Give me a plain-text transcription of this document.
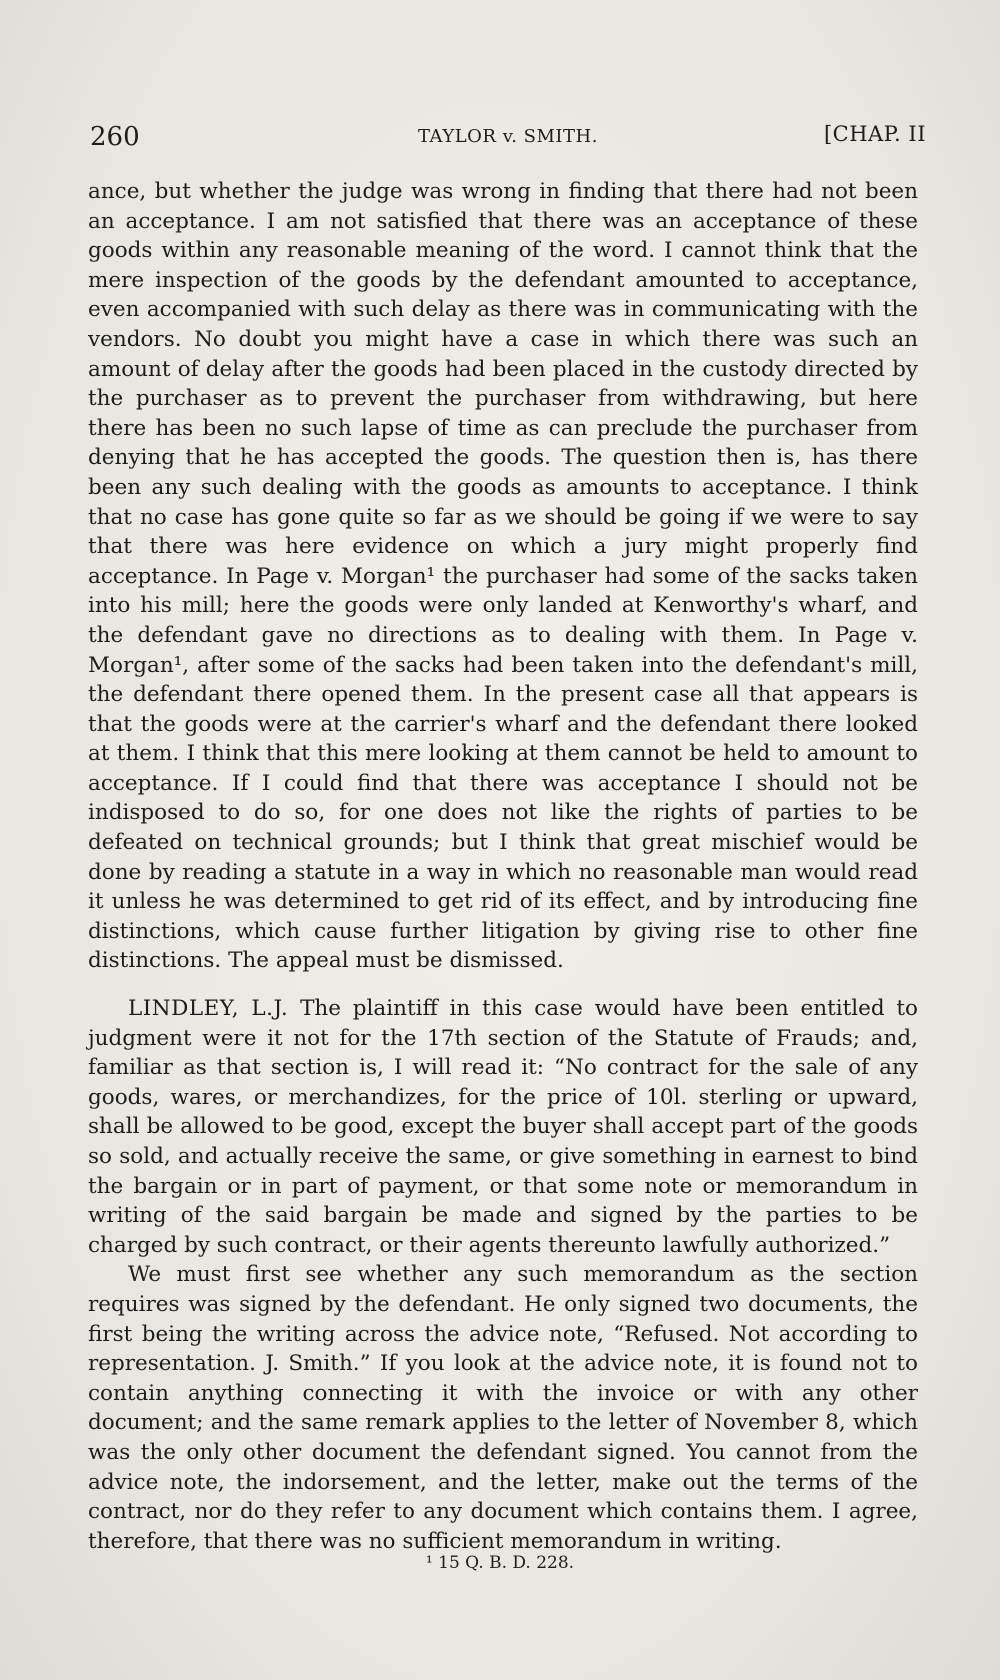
260	TAYLOR v. SMITH.	[CHAP. II

ance, but whether the judge was wrong in finding that there had not been an acceptance. I am not satisfied that there was an acceptance of these goods within any reasonable meaning of the word. I cannot think that the mere inspection of the goods by the defendant amounted to acceptance, even accompanied with such delay as there was in communicating with the vendors. No doubt you might have a case in which there was such an amount of delay after the goods had been placed in the custody directed by the purchaser as to prevent the purchaser from withdrawing, but here there has been no such lapse of time as can preclude the purchaser from denying that he has accepted the goods. The question then is, has there been any such dealing with the goods as amounts to acceptance. I think that no case has gone quite so far as we should be going if we were to say that there was here evidence on which a jury might properly find acceptance. In Page v. Morgan¹ the purchaser had some of the sacks taken into his mill; here the goods were only landed at Kenworthy's wharf, and the defendant gave no directions as to dealing with them. In Page v. Morgan¹, after some of the sacks had been taken into the defendant's mill, the defendant there opened them. In the present case all that appears is that the goods were at the carrier's wharf and the defendant there looked at them. I think that this mere looking at them cannot be held to amount to acceptance. If I could find that there was acceptance I should not be indisposed to do so, for one does not like the rights of parties to be defeated on technical grounds; but I think that great mischief would be done by reading a statute in a way in which no reasonable man would read it unless he was determined to get rid of its effect, and by introducing fine distinctions, which cause further litigation by giving rise to other fine distinctions. The appeal must be dismissed.

LINDLEY, L.J. The plaintiff in this case would have been entitled to judgment were it not for the 17th section of the Statute of Frauds; and, familiar as that section is, I will read it: “No contract for the sale of any goods, wares, or merchandizes, for the price of 10l. sterling or upward, shall be allowed to be good, except the buyer shall accept part of the goods so sold, and actually receive the same, or give something in earnest to bind the bargain or in part of payment, or that some note or memorandum in writing of the said bargain be made and signed by the parties to be charged by such contract, or their agents thereunto lawfully authorized.”

We must first see whether any such memorandum as the section requires was signed by the defendant. He only signed two documents, the first being the writing across the advice note, “Refused. Not according to representation. J. Smith.” If you look at the advice note, it is found not to contain anything connecting it with the invoice or with any other document; and the same remark applies to the letter of November 8, which was the only other document the defendant signed. You cannot from the advice note, the indorsement, and the letter, make out the terms of the contract, nor do they refer to any document which contains them. I agree, therefore, that there was no sufficient memorandum in writing.

¹ 15 Q. B. D. 228.
